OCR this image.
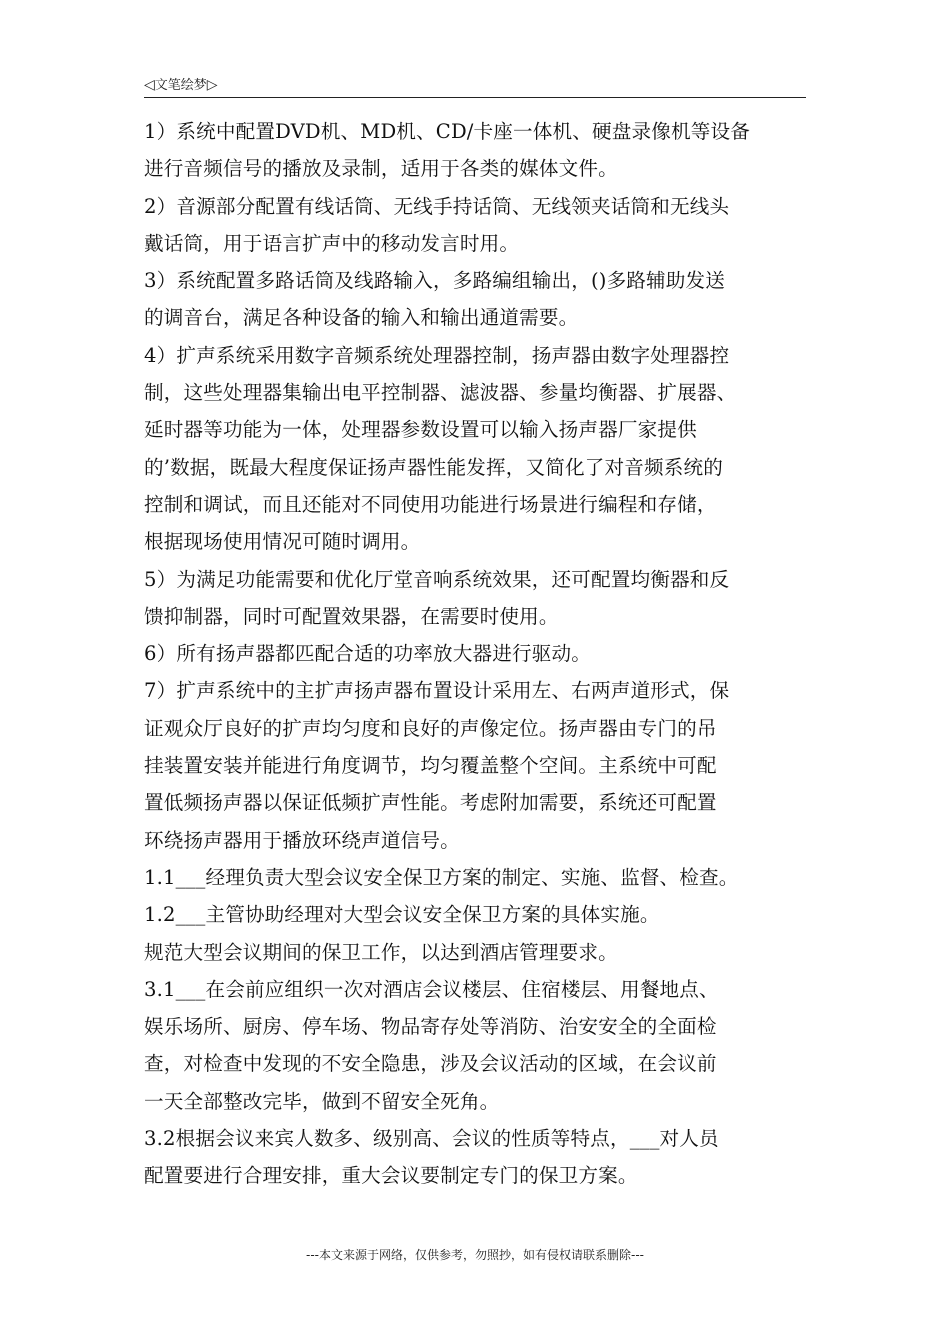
◁文笔绘梦▷
1）系统中配置DVD机、MD机、CD/卡座一体机、硬盘录像机等设备
进行音频信号的播放及录制，适用于各类的媒体文件。
2）音源部分配置有线话筒、无线手持话筒、无线领夹话筒和无线头
戴话筒，用于语言扩声中的移动发言时用。
3）系统配置多路话筒及线路输入，多路编组输出，()多路辅助发送
的调音台，满足各种设备的输入和输出通道需要。
4）扩声系统采用数字音频系统处理器控制，扬声器由数字处理器控
制，这些处理器集输出电平控制器、滤波器、参量均衡器、扩展器、
延时器等功能为一体，处理器参数设置可以输入扬声器厂家提供
的’数据，既最大程度保证扬声器性能发挥，又简化了对音频系统的
控制和调试，而且还能对不同使用功能进行场景进行编程和存储，
根据现场使用情况可随时调用。
5）为满足功能需要和优化厅堂音响系统效果，还可配置均衡器和反
馈抑制器，同时可配置效果器，在需要时使用。
6）所有扬声器都匹配合适的功率放大器进行驱动。
7）扩声系统中的主扩声扬声器布置设计采用左、右两声道形式，保
证观众厅良好的扩声均匀度和良好的声像定位。扬声器由专门的吊
挂装置安装并能进行角度调节，均匀覆盖整个空间。主系统中可配
置低频扬声器以保证低频扩声性能。考虑附加需要，系统还可配置
环绕扬声器用于播放环绕声道信号。
1.1___经理负责大型会议安全保卫方案的制定、实施、监督、检查。
1.2___主管协助经理对大型会议安全保卫方案的具体实施。
规范大型会议期间的保卫工作，以达到酒店管理要求。
3.1___在会前应组织一次对酒店会议楼层、住宿楼层、用餐地点、
娱乐场所、厨房、停车场、物品寄存处等消防、治安安全的全面检
查，对检查中发现的不安全隐患，涉及会议活动的区域，在会议前
一天全部整改完毕，做到不留安全死角。
3.2根据会议来宾人数多、级别高、会议的性质等特点，___对人员
配置要进行合理安排，重大会议要制定专门的保卫方案。
---本文来源于网络，仅供参考，勿照抄，如有侵权请联系删除---
